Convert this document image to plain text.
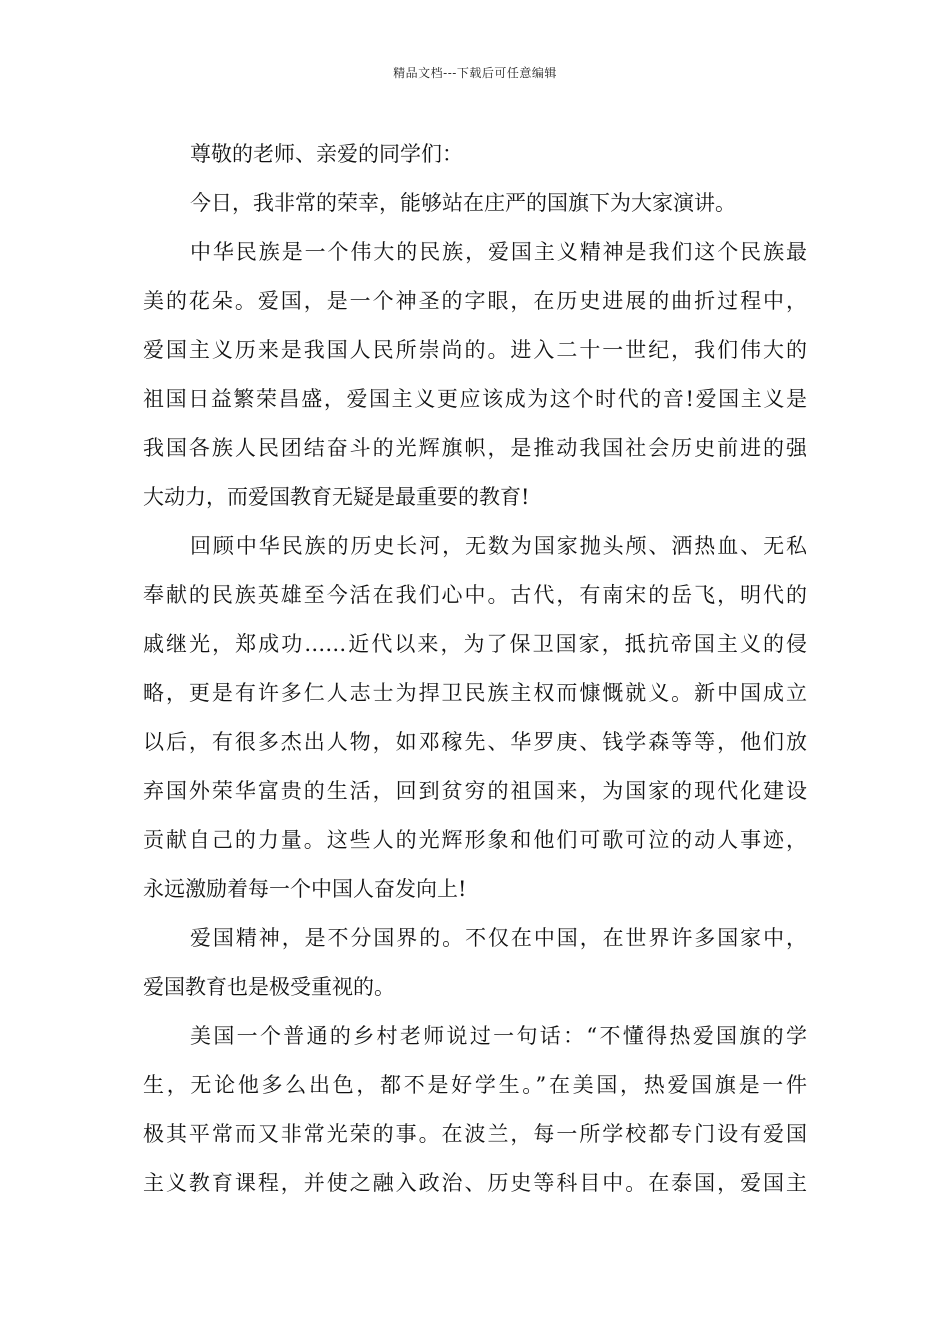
精品文档---下载后可任意编辑
尊敬的老师、亲爱的同学们：
今日，我非常的荣幸，能够站在庄严的国旗下为大家演讲。
中华民族是一个伟大的民族，爱国主义精神是我们这个民族最
美的花朵。爱国，是一个神圣的字眼，在历史进展的曲折过程中，
爱国主义历来是我国人民所崇尚的。进入二十一世纪，我们伟大的
祖国日益繁荣昌盛，爱国主义更应该成为这个时代的音!爱国主义是
我国各族人民团结奋斗的光辉旗帜，是推动我国社会历史前进的强
大动力，而爱国教育无疑是最重要的教育!
回顾中华民族的历史长河，无数为国家抛头颅、洒热血、无私
奉献的民族英雄至今活在我们心中。古代，有南宋的岳飞，明代的
戚继光，郑成功……近代以来，为了保卫国家，抵抗帝国主义的侵
略，更是有许多仁人志士为捍卫民族主权而慷慨就义。新中国成立
以后，有很多杰出人物，如邓稼先、华罗庚、钱学森等等，他们放
弃国外荣华富贵的生活，回到贫穷的祖国来，为国家的现代化建设
贡献自己的力量。这些人的光辉形象和他们可歌可泣的动人事迹，
永远激励着每一个中国人奋发向上!
爱国精神，是不分国界的。不仅在中国，在世界许多国家中，
爱国教育也是极受重视的。
美国一个普通的乡村老师说过一句话：“不懂得热爱国旗的学
生，无论他多么出色，都不是好学生。”在美国，热爱国旗是一件
极其平常而又非常光荣的事。在波兰，每一所学校都专门设有爱国
主义教育课程，并使之融入政治、历史等科目中。在泰国，爱国主
